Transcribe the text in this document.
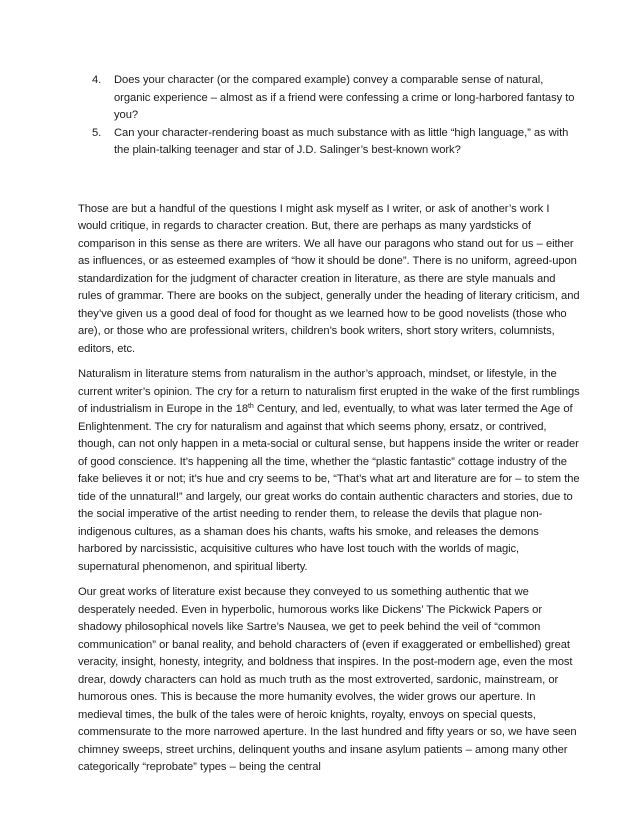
4. Does your character (or the compared example) convey a comparable sense of natural, organic experience – almost as if a friend were confessing a crime or long-harbored fantasy to you?
5. Can your character-rendering boast as much substance with as little “high language,” as with the plain-talking teenager and star of J.D. Salinger’s best-known work?

Those are but a handful of the questions I might ask myself as I writer, or ask of another’s work I would critique, in regards to character creation. But, there are perhaps as many yardsticks of comparison in this sense as there are writers. We all have our paragons who stand out for us – either as influences, or as esteemed examples of “how it should be done”. There is no uniform, agreed-upon standardization for the judgment of character creation in literature, as there are style manuals and rules of grammar. There are books on the subject, generally under the heading of literary criticism, and they’ve given us a good deal of food for thought as we learned how to be good novelists (those who are), or those who are professional writers, children’s book writers, short story writers, columnists, editors, etc.

Naturalism in literature stems from naturalism in the author’s approach, mindset, or lifestyle, in the current writer’s opinion. The cry for a return to naturalism first erupted in the wake of the first rumblings of industrialism in Europe in the 18th Century, and led, eventually, to what was later termed the Age of Enlightenment. The cry for naturalism and against that which seems phony, ersatz, or contrived, though, can not only happen in a meta-social or cultural sense, but happens inside the writer or reader of good conscience. It’s happening all the time, whether the “plastic fantastic” cottage industry of the fake believes it or not; it’s hue and cry seems to be, “That’s what art and literature are for – to stem the tide of the unnatural!” and largely, our great works do contain authentic characters and stories, due to the social imperative of the artist needing to render them, to release the devils that plague non-indigenous cultures, as a shaman does his chants, wafts his smoke, and releases the demons harbored by narcissistic, acquisitive cultures who have lost touch with the worlds of magic, supernatural phenomenon, and spiritual liberty.

Our great works of literature exist because they conveyed to us something authentic that we desperately needed. Even in hyperbolic, humorous works like Dickens’ The Pickwick Papers or shadowy philosophical novels like Sartre’s Nausea, we get to peek behind the veil of “common communication” or banal reality, and behold characters of (even if exaggerated or embellished) great veracity, insight, honesty, integrity, and boldness that inspires. In the post-modern age, even the most drear, dowdy characters can hold as much truth as the most extroverted, sardonic, mainstream, or humorous ones. This is because the more humanity evolves, the wider grows our aperture. In medieval times, the bulk of the tales were of heroic knights, royalty, envoys on special quests, commensurate to the more narrowed aperture. In the last hundred and fifty years or so, we have seen chimney sweeps, street urchins, delinquent youths and insane asylum patients – among many other categorically “reprobate” types – being the central
